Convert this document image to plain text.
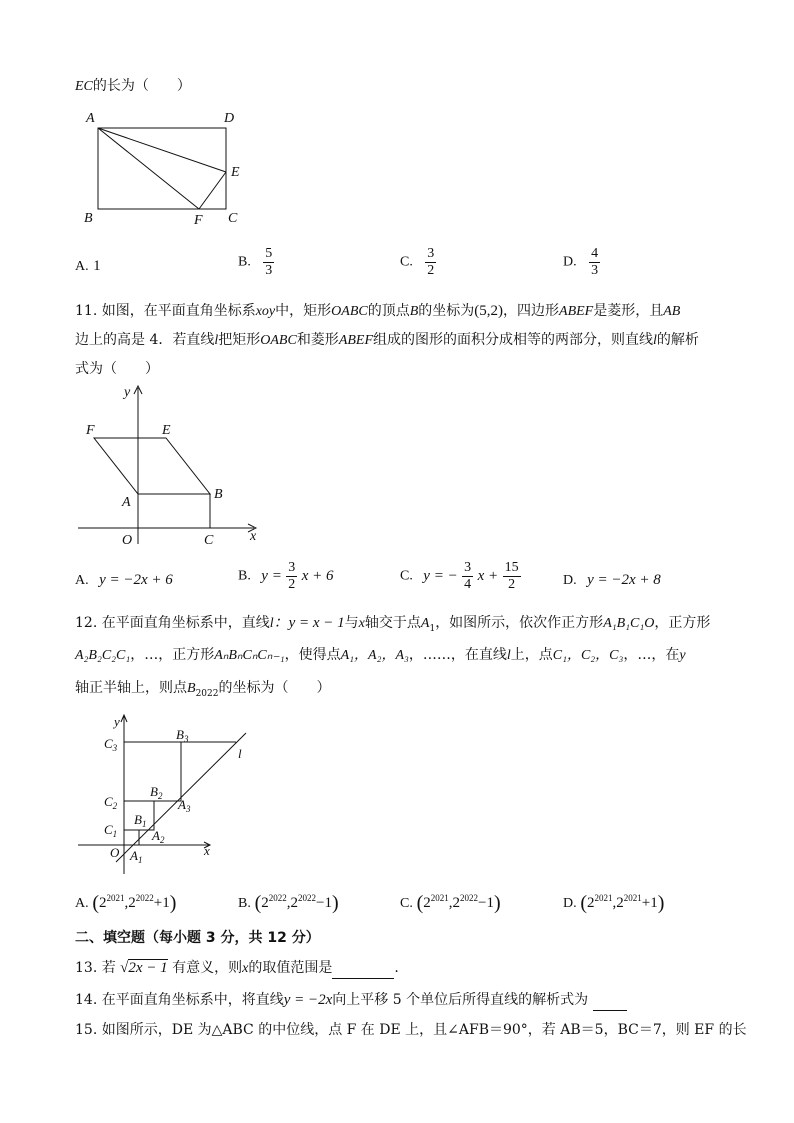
EC的长为（　　）
A	D
E
B	F C
A. 1	B. $\frac{5}{3}$	C. $\frac{3}{2}$	D. $\frac{4}{3}$
11. 如图，在平面直角坐标系xoy中，矩形OABC的顶点B的坐标为(5,2)，四边形ABEF是菱形，且AB
边上的高是 4．若直线l把矩形OABC和菱形ABEF组成的图形的面积分成相等的两部分，则直线l的解析
式为（　　）
y
F	E
A
B
O	C	x
A. y = −2x + 6	B. $y = \frac{3}{2}$ x + 6	C. y = − $\frac{3}{4}$ $x + \frac{15}{2}$	D. y = −2x + 8
12. 在平面直角坐标系中，直线l：y = x − 1与x轴交于点$A_1$，如图所示，依次作正方形A₁B₁C₁O，正方形
A₂B₂C₂C₁，…，正方形AₙBₙCₙCₙ₋₁，使得点A₁，A₂，A₃，……，在直线l上，点C₁，C₂，C₃，…，在y
轴正半轴上，则点$B_{2022}$的坐标为（　　）
y
$C_3$
$B_3$
l
$C_2$
$B_2$
$A_3$
$C_1$
$B_1$
$A_2$
O $A_1$
x
A. $(2^{2021},2^{2022}+1)$	B. $(2^{2022},2^{2022}-1)$	C. $(2^{2021},2^{2022}-1)$	D. $(2^{2021},2^{2021}+1)$
二、填空题（每小题 3 分，共 12 分）
13. 若 √2x − 1 有意义，则x的取值范围是	.
14. 在平面直角坐标系中，将直线y = −2x向上平移 5 个单位后所得直线的解析式为
15. 如图所示，DE 为△ABC 的中位线，点 F 在 DE 上，且∠AFB＝90°，若 AB＝5，BC＝7，则 EF 的长
